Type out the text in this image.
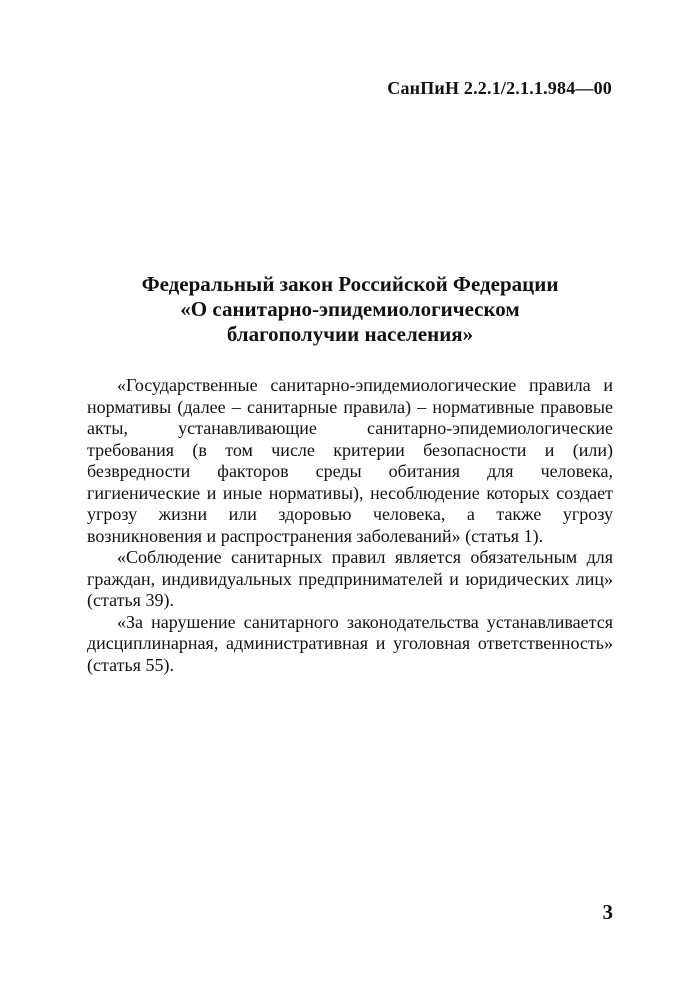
СанПиН 2.2.1/2.1.1.984—00
Федеральный закон Российской Федерации
«О санитарно-эпидемиологическом
благополучии населения»

«Государственные санитарно-эпидемиологические правила и нормативы (далее – санитарные правила) – нормативные правовые акты, устанавливающие санитарно-эпидемиологические требования (в том числе критерии безопасности и (или) безвредности факторов среды обитания для человека, гигиенические и иные нормативы), несоблюдение которых создает угрозу жизни или здоровью человека, а также угрозу возникновения и распространения заболеваний» (статья 1).

«Соблюдение санитарных правил является обязательным для граждан, индивидуальных предпринимателей и юридических лиц» (статья 39).

«За нарушение санитарного законодательства устанавливается дисциплинарная, административная и уголовная ответственность» (статья 55).

3
